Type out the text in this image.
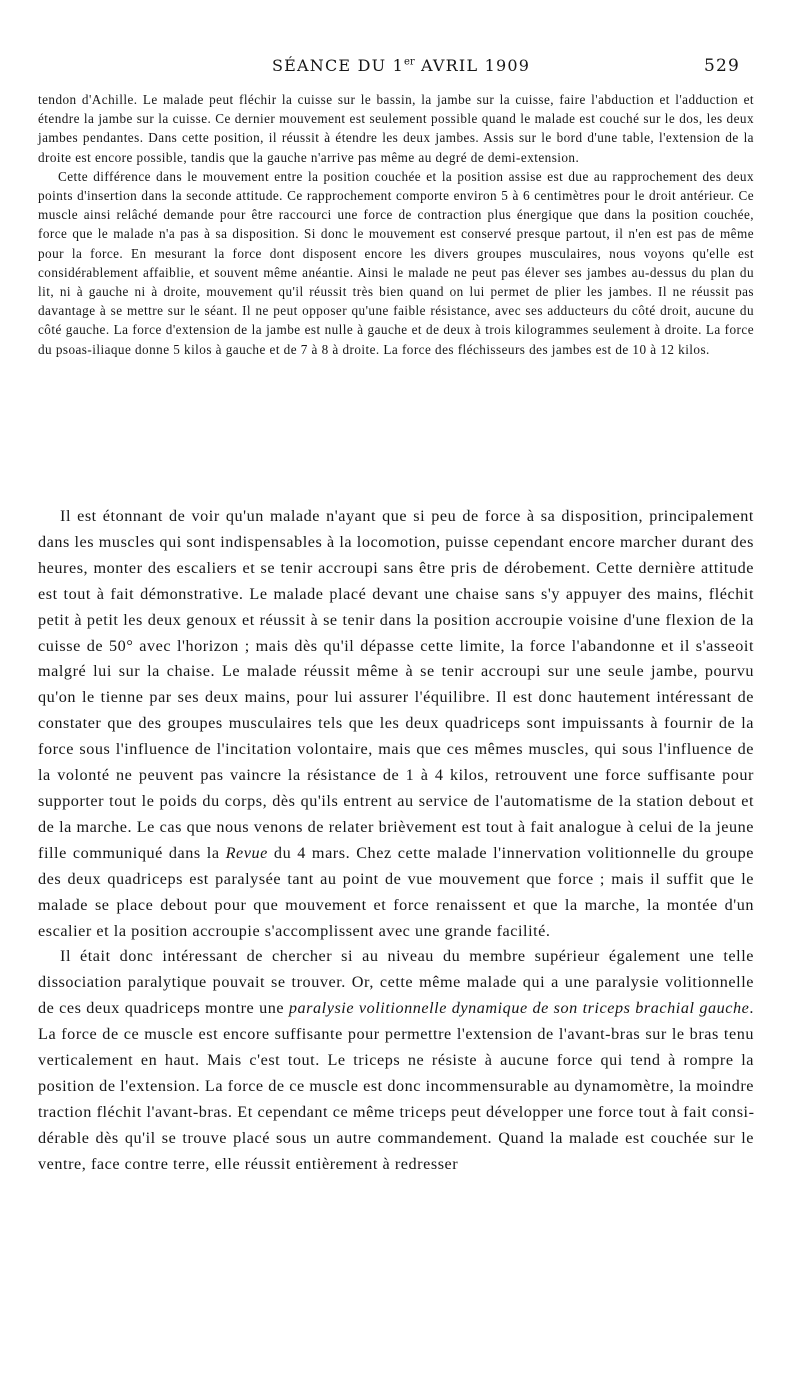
SÉANCE DU 1er AVRIL 1909	529

tendon d'Achille. Le malade peut fléchir la cuisse sur le bassin, la jambe sur la cuisse, faire l'abduction et l'adduction et étendre la jambe sur la cuisse. Ce dernier mouvement est seulement possible quand le malade est couché sur le dos, les deux jambes pendantes. Dans cette position, il réussit à étendre les deux jambes. Assis sur le bord d'une table, l'extension de la droite est encore possible, tandis que la gauche n'arrive pas même au degré de demi-extension.

Cette différence dans le mouvement entre la position couchée et la position assise est due au rapprochement des deux points d'insertion dans la seconde attitude. Ce rapprochement comporte environ 5 à 6 centimètres pour le droit antérieur. Ce muscle ainsi relâché demande pour être raccourci une force de contraction plus énergique que dans la position couchée, force que le malade n'a pas à sa disposition. Si donc le mouvement est conservé presque partout, il n'en est pas de même pour la force. En mesurant la force dont disposent encore les divers groupes musculaires, nous voyons qu'elle est considérablement affaiblie, et souvent même anéantie. Ainsi le malade ne peut pas élever ses jambes au-dessus du plan du lit, ni à gauche ni à droite, mouvement qu'il réussit très bien quand on lui permet de plier les jambes. Il ne réussit pas davantage à se mettre sur le séant. Il ne peut opposer qu'une faible résistance, avec ses adducteurs du côté droit, aucune du côté gauche. La force d'extension de la jambe est nulle à gauche et de deux à trois kilogrammes seulement à droite. La force du psoas-iliaque donne 5 kilos à gauche et de 7 à 8 à droite. La force des fléchisseurs des jambes est de 10 à 12 kilos.

Il est étonnant de voir qu'un malade n'ayant que si peu de force à sa disposition, principalement dans les muscles qui sont indispensables à la locomotion, puisse cependant encore marcher durant des heures, monter des escaliers et se tenir accroupi sans être pris de dérobement. Cette dernière attitude est tout à fait démonstrative. Le malade placé devant une chaise sans s'y appuyer des mains, fléchit petit à petit les deux genoux et réussit à se tenir dans la position accroupie voisine d'une flexion de la cuisse de 50° avec l'horizon ; mais dès qu'il dépasse cette limite, la force l'abandonne et il s'asseoit malgré lui sur la chaise. Le malade réussit même à se tenir accroupi sur une seule jambe, pourvu qu'on le tienne par ses deux mains, pour lui assurer l'équilibre. Il est donc hautement intéressant de constater que des groupes musculaires tels que les deux quadriceps sont impuissants à fournir de la force sous l'influence de l'incitation volontaire, mais que ces mêmes muscles, qui sous l'influence de la volonté ne peuvent pas vaincre la résistance de 1 à 4 kilos, retrouvent une force suffisante pour supporter tout le poids du corps, dès qu'ils entrent au service de l'automatisme de la station debout et de la marche. Le cas que nous venons de relater brièvement est tout à fait analogue à celui de la jeune fille communiqué dans la Revue du 4 mars. Chez cette malade l'innervation volitionnelle du groupe des deux quadriceps est paralysée tant au point de vue mouvement que force ; mais il suffit que le malade se place debout pour que mouvement et force renaissent et que la marche, la montée d'un escalier et la position accroupie s'accomplissent avec une grande facilité.

Il était donc intéressant de chercher si au niveau du membre supérieur également une telle dissociation paralytique pouvait se trouver. Or, cette même malade qui a une paralysie volitionnelle de ces deux quadriceps montre une paralysie volitionnelle dynamique de son triceps brachial gauche. La force de ce muscle est encore suffisante pour permettre l'extension de l'avant-bras sur le bras tenu verticalement en haut. Mais c'est tout. Le triceps ne résiste à aucune force qui tend à rompre la position de l'extension. La force de ce muscle est donc incommensurable au dynamomètre, la moindre traction fléchit l'avant-bras. Et cependant ce même triceps peut développer une force tout à fait considérable dès qu'il se trouve placé sous un autre commandement. Quand la malade est couchée sur le ventre, face contre terre, elle réussit entièrement à redresser
